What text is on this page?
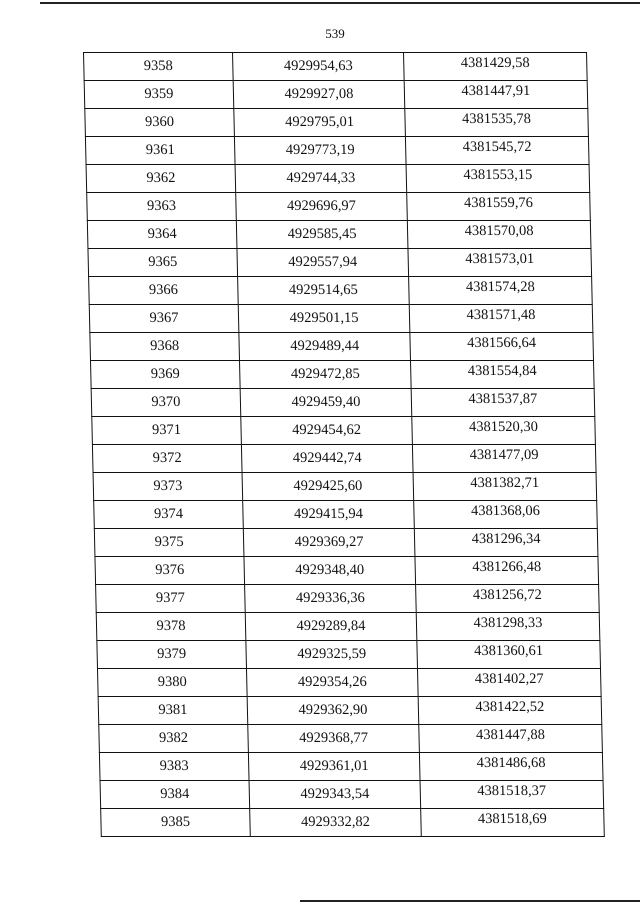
539
9358	4929954,63	4381429,58
9359	4929927,08	4381447,91
9360	4929795,01	4381535,78
9361	4929773,19	4381545,72
9362	4929744,33	4381553,15
9363	4929696,97	4381559,76
9364	4929585,45	4381570,08
9365	4929557,94	4381573,01
9366	4929514,65	4381574,28
9367	4929501,15	4381571,48
9368	4929489,44	4381566,64
9369	4929472,85	4381554,84
9370	4929459,40	4381537,87
9371	4929454,62	4381520,30
9372	4929442,74	4381477,09
9373	4929425,60	4381382,71
9374	4929415,94	4381368,06
9375	4929369,27	4381296,34
9376	4929348,40	4381266,48
9377	4929336,36	4381256,72
9378	4929289,84	4381298,33
9379	4929325,59	4381360,61
9380	4929354,26	4381402,27
9381	4929362,90	4381422,52
9382	4929368,77	4381447,88
9383	4929361,01	4381486,68
9384	4929343,54	4381518,37
9385	4929332,82	4381518,69
